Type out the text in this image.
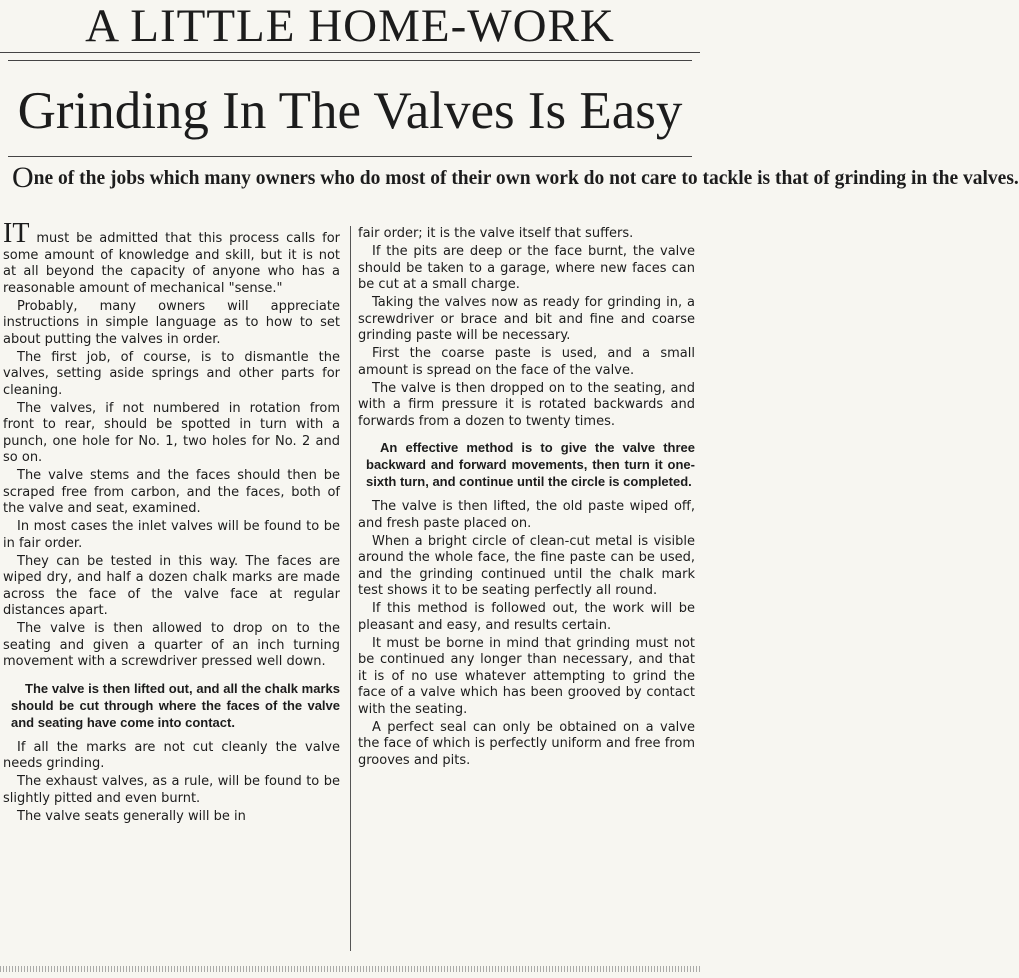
A LITTLE HOME-WORK
Grinding In The Valves Is Easy
One of the jobs which many owners who do most of their own work do not care to tackle is that of grinding in the valves.

IT must be admitted that this process calls for some amount of knowledge and skill, but it is not at all beyond the capacity of anyone who has a reasonable amount of mechanical "sense."

Probably, many owners will appreciate instructions in simple language as to how to set about putting the valves in order.

The first job, of course, is to dismantle the valves, setting aside springs and other parts for cleaning.

The valves, if not numbered in rotation from front to rear, should be spotted in turn with a punch, one hole for No. 1, two holes for No. 2 and so on.

The valve stems and the faces should then be scraped free from carbon, and the faces, both of the valve and seat, examined.

In most cases the inlet valves will be found to be in fair order.

They can be tested in this way. The faces are wiped dry, and half a dozen chalk marks are made across the face of the valve face at regular distances apart.

The valve is then allowed to drop on to the seating and given a quarter of an inch turning movement with a screwdriver pressed well down.

The valve is then lifted out, and all the chalk marks should be cut through where the faces of the valve and seating have come into contact.

If all the marks are not cut cleanly the valve needs grinding.

The exhaust valves, as a rule, will be found to be slightly pitted and even burnt.

The valve seats generally will be in

fair order; it is the valve itself that suffers.

If the pits are deep or the face burnt, the valve should be taken to a garage, where new faces can be cut at a small charge.

Taking the valves now as ready for grinding in, a screwdriver or brace and bit and fine and coarse grinding paste will be necessary.

First the coarse paste is used, and a small amount is spread on the face of the valve.

The valve is then dropped on to the seating, and with a firm pressure it is rotated backwards and forwards from a dozen to twenty times.

An effective method is to give the valve three backward and forward movements, then turn it one-sixth turn, and continue until the circle is completed.

The valve is then lifted, the old paste wiped off, and fresh paste placed on.

When a bright circle of clean-cut metal is visible around the whole face, the fine paste can be used, and the grinding continued until the chalk mark test shows it to be seating perfectly all round.

If this method is followed out, the work will be pleasant and easy, and results certain.

It must be borne in mind that grinding must not be continued any longer than necessary, and that it is of no use whatever attempting to grind the face of a valve which has been grooved by contact with the seating.

A perfect seal can only be obtained on a valve the face of which is perfectly uniform and free from grooves and pits.
